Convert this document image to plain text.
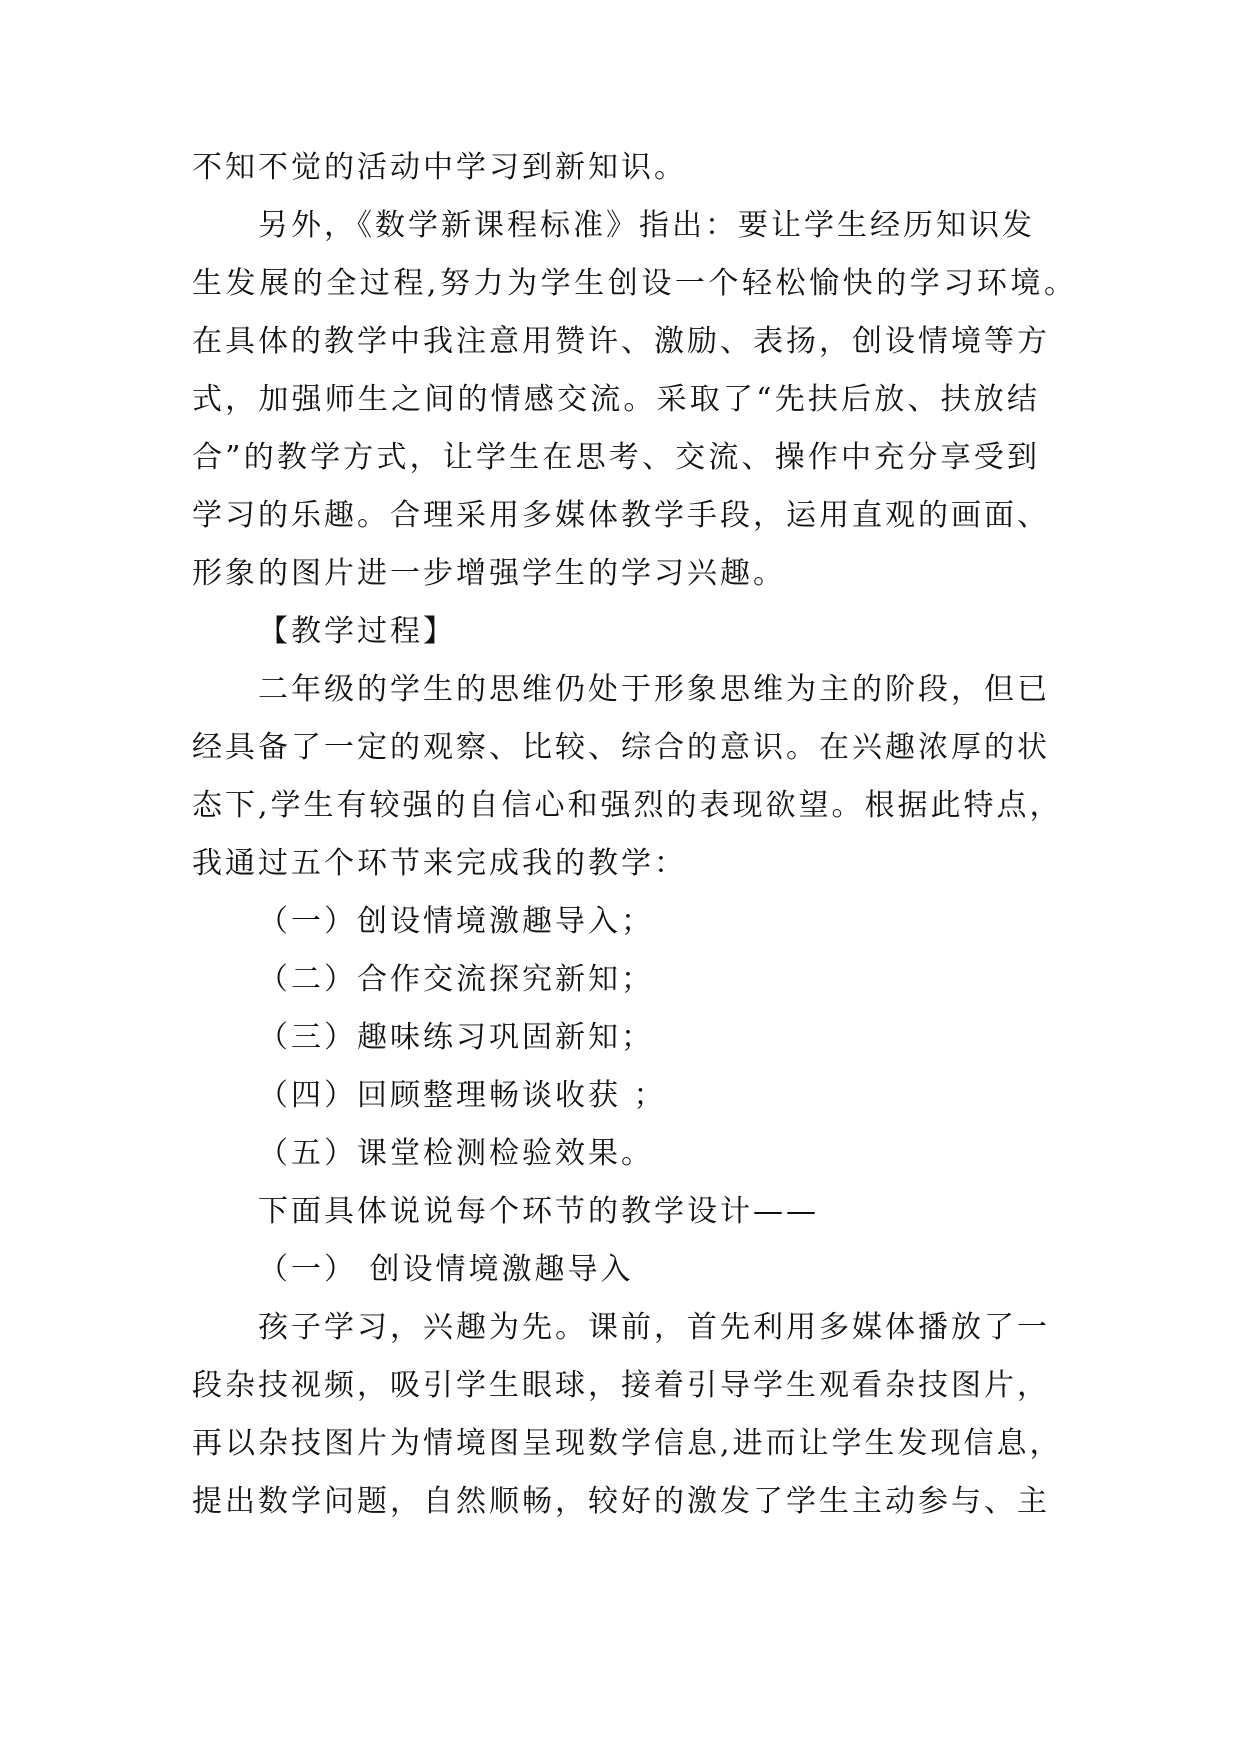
不知不觉的活动中学习到新知识。
另外，《数学新课程标准》指出：要让学生经历知识发
生发展的全过程,努力为学生创设一个轻松愉快的学习环境。
在具体的教学中我注意用赞许、激励、表扬，创设情境等方
式，加强师生之间的情感交流。采取了“先扶后放、扶放结
合”的教学方式，让学生在思考、交流、操作中充分享受到
学习的乐趣。合理采用多媒体教学手段，运用直观的画面、
形象的图片进一步增强学生的学习兴趣。
【教学过程】
二年级的学生的思维仍处于形象思维为主的阶段，但已
经具备了一定的观察、比较、综合的意识。在兴趣浓厚的状
态下,学生有较强的自信心和强烈的表现欲望。根据此特点，
我通过五个环节来完成我的教学：
（一）创设情境激趣导入；
（二）合作交流探究新知；
（三）趣味练习巩固新知；
（四）回顾整理畅谈收获 ；
（五）课堂检测检验效果。
下面具体说说每个环节的教学设计——
（一） 创设情境激趣导入
孩子学习，兴趣为先。课前，首先利用多媒体播放了一
段杂技视频，吸引学生眼球，接着引导学生观看杂技图片，
再以杂技图片为情境图呈现数学信息,进而让学生发现信息，
提出数学问题，自然顺畅，较好的激发了学生主动参与、主
